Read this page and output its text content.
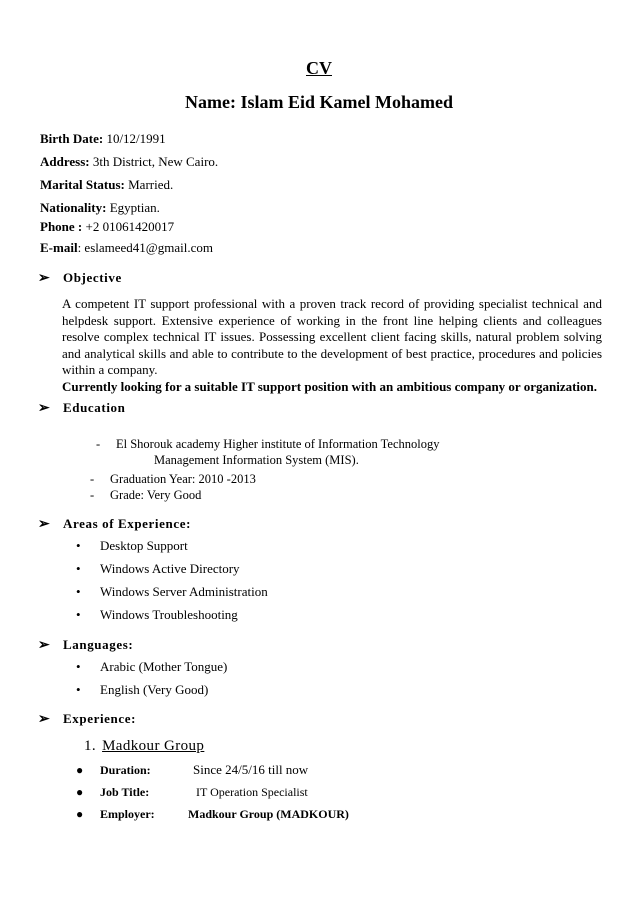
CV
Name: Islam Eid Kamel Mohamed
Birth Date: 10/12/1991
Address: 3th District, New Cairo.
Marital Status: Married.
Nationality: Egyptian.
Phone : +2 01061420017
E-mail: eslameed41@gmail.com
➢ Objective

A competent IT support professional with a proven track record of providing specialist technical and helpdesk support. Extensive experience of working in the front line helping clients and colleagues resolve complex technical IT issues. Possessing excellent client facing skills, natural problem solving and analytical skills and able to contribute to the development of best practice, procedures and policies within a company.

Currently looking for a suitable IT support position with an ambitious company or organization.

➢ Education
- El Shorouk academy Higher institute of Information Technology
Management Information System (MIS).
- Graduation Year: 2010 -2013
- Grade: Very Good
➢ Areas of Experience:
• Desktop Support
• Windows Active Directory
• Windows Server Administration
• Windows Troubleshooting
➢ Languages:
• Arabic (Mother Tongue)
• English (Very Good)
➢ Experience:
1. Madkour Group
● Duration:	Since 24/5/16 till now
● Job Title:	IT Operation Specialist
● Employer:	Madkour Group (MADKOUR)
